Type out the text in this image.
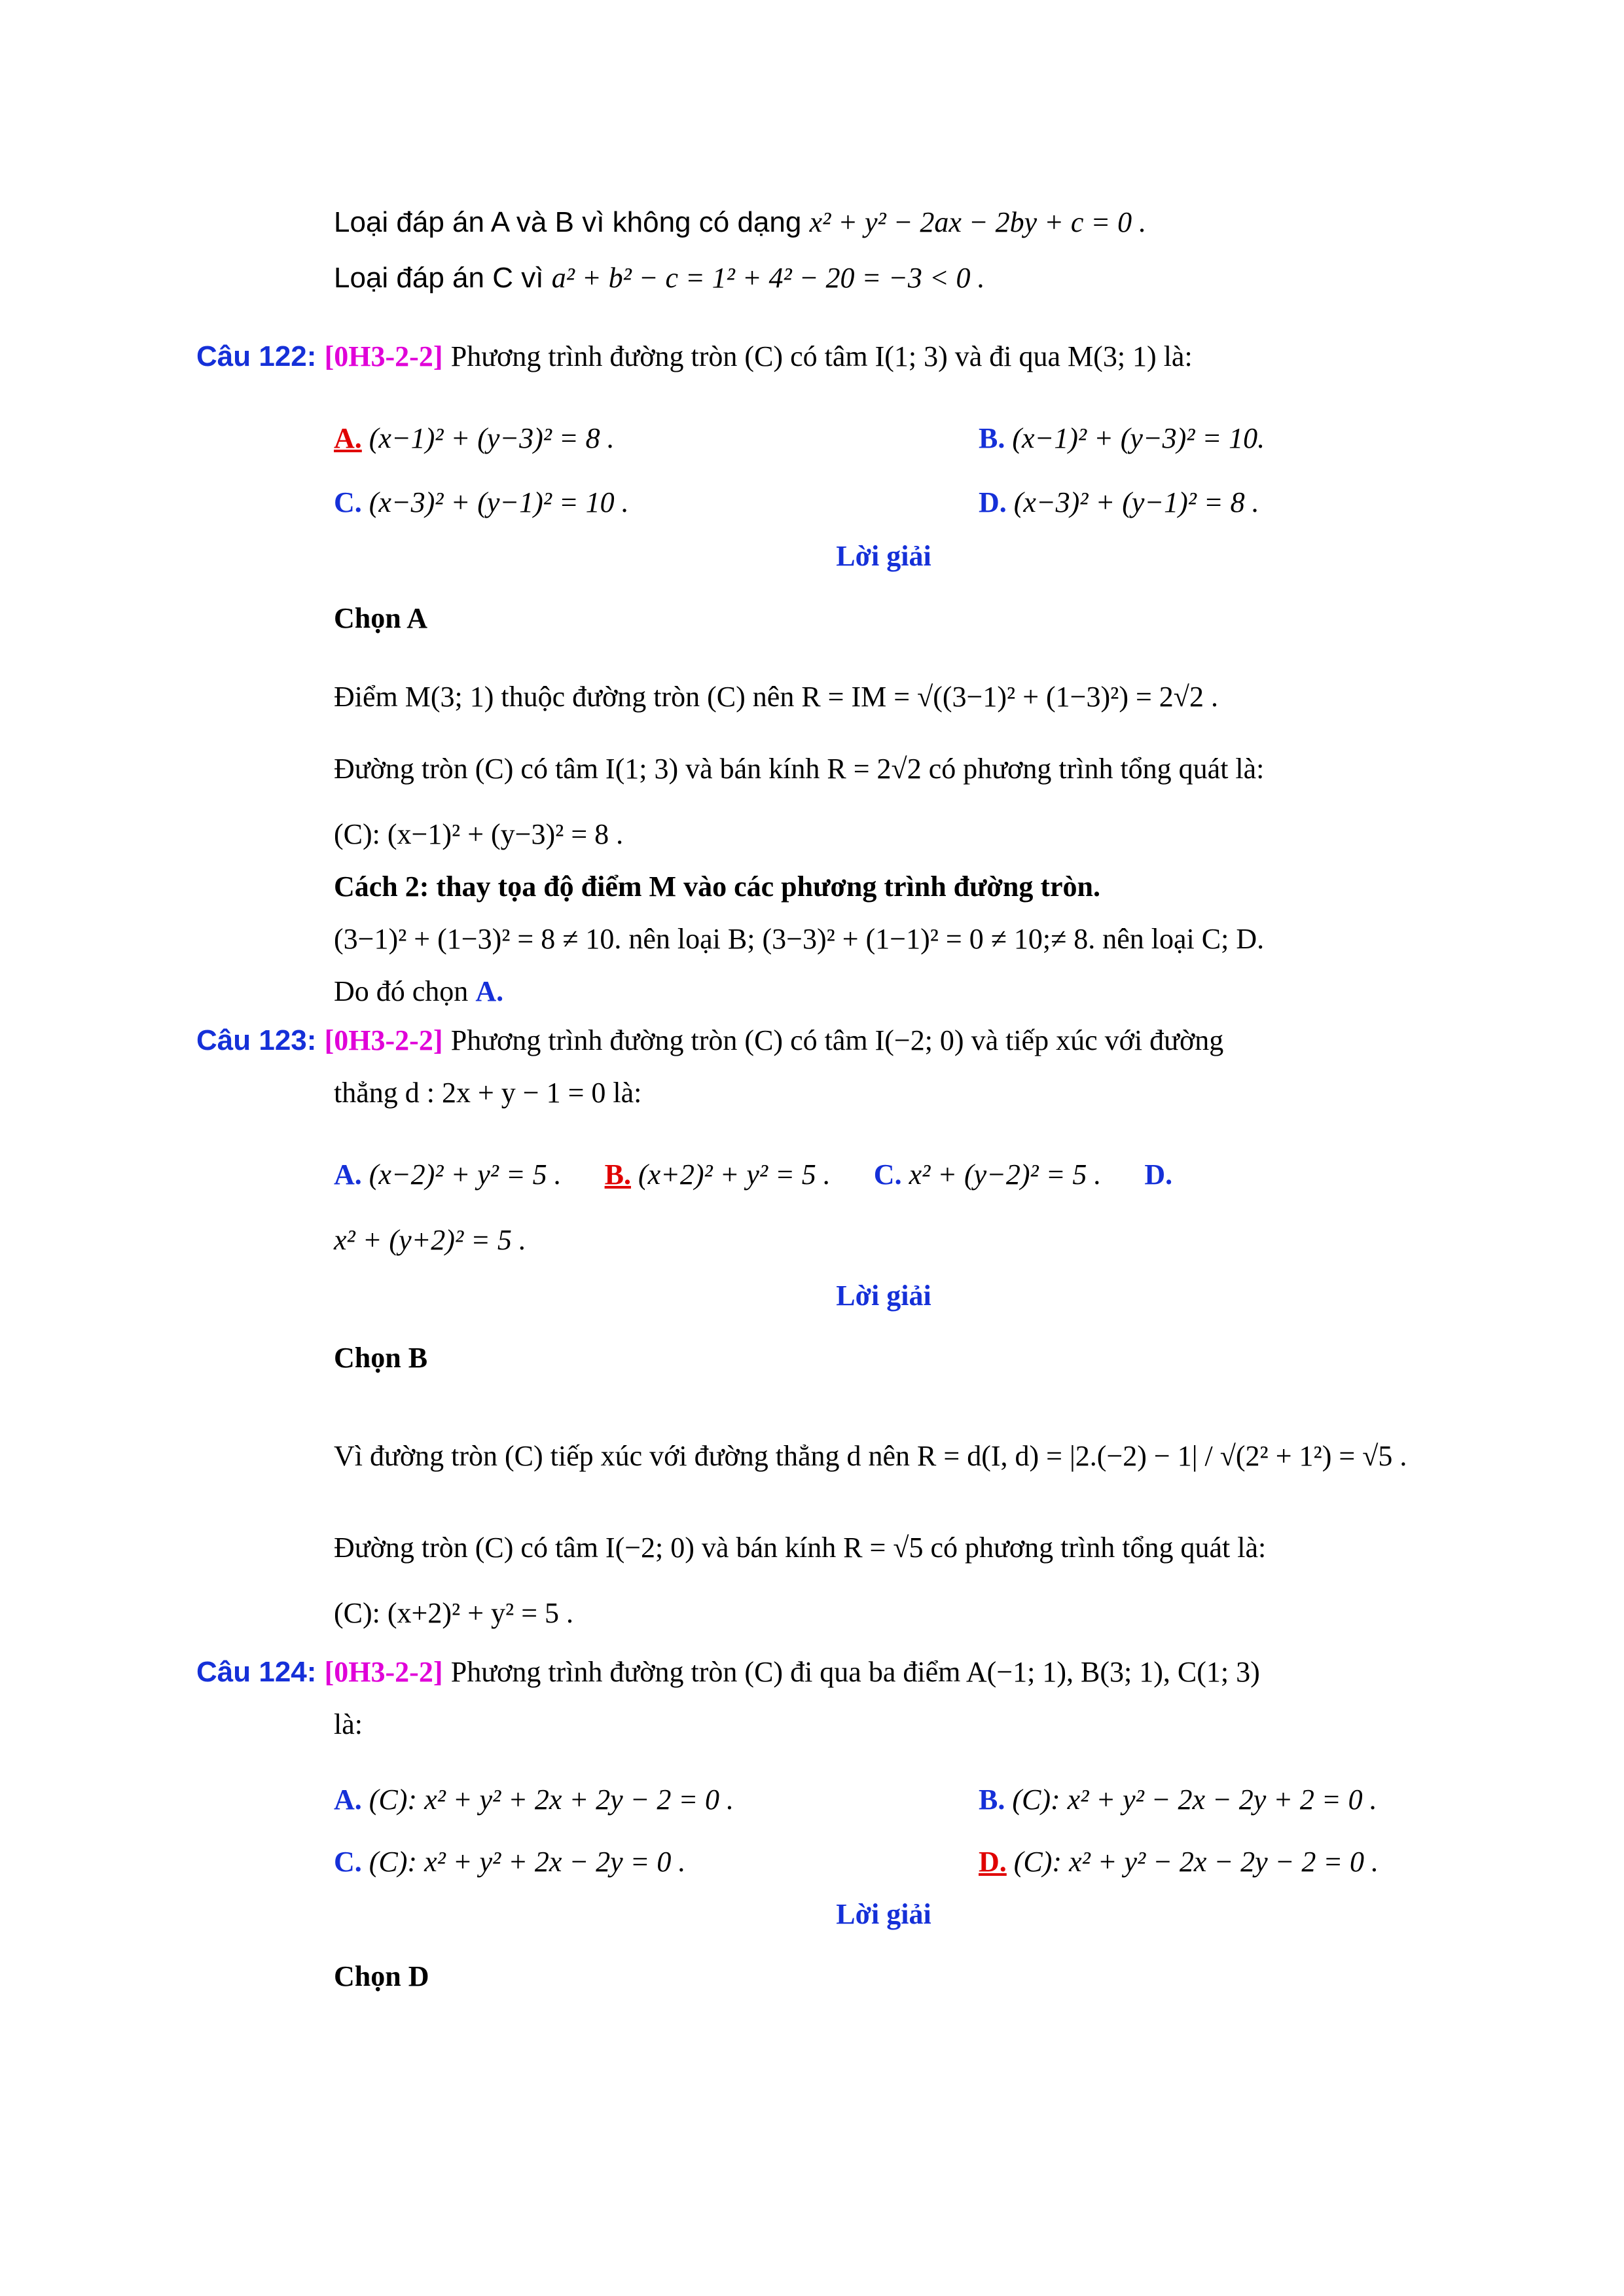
Loại đáp án A và B vì không có dạng x² + y² − 2ax − 2by + c = 0 .
Loại đáp án C vì a² + b² − c = 1² + 4² − 20 = −3 < 0 .
Câu 122: [0H3-2-2] Phương trình đường tròn (C) có tâm I(1; 3) và đi qua M(3; 1) là:
A. (x−1)² + (y−3)² = 8 .	B. (x−1)² + (y−3)² = 10.
C. (x−3)² + (y−1)² = 10 .	D. (x−3)² + (y−1)² = 8 .
Lời giải
Chọn A
Điểm M(3; 1) thuộc đường tròn (C) nên R = IM = √((3−1)² + (1−3)²) = 2√2 .
Đường tròn (C) có tâm I(1; 3) và bán kính R = 2√2 có phương trình tổng quát là:
(C): (x−1)² + (y−3)² = 8 .
Cách 2: thay tọa độ điểm M vào các phương trình đường tròn.
(3−1)² + (1−3)² = 8 ≠ 10. nên loại B; (3−3)² + (1−1)² = 0 ≠ 10;≠ 8. nên loại C; D.
Do đó chọn A.
Câu 123: [0H3-2-2] Phương trình đường tròn (C) có tâm I(−2; 0) và tiếp xúc với đường
thẳng d : 2x + y − 1 = 0 là:
A. (x−2)² + y² = 5 . B. (x+2)² + y² = 5 . C. x² + (y−2)² = 5 . D.
x² + (y+2)² = 5 .
Lời giải
Chọn B
Vì đường tròn (C) tiếp xúc với đường thẳng d nên R = d(I, d) = |2.(−2) − 1| / √(2² + 1²) = √5 .
Đường tròn (C) có tâm I(−2; 0) và bán kính R = √5 có phương trình tổng quát là:
(C): (x+2)² + y² = 5 .
Câu 124: [0H3-2-2] Phương trình đường tròn (C) đi qua ba điểm A(−1; 1), B(3; 1), C(1; 3)
là:
A. (C): x² + y² + 2x + 2y − 2 = 0 .	B. (C): x² + y² − 2x − 2y + 2 = 0 .
C. (C): x² + y² + 2x − 2y = 0 .	D. (C): x² + y² − 2x − 2y − 2 = 0 .
Lời giải
Chọn D
